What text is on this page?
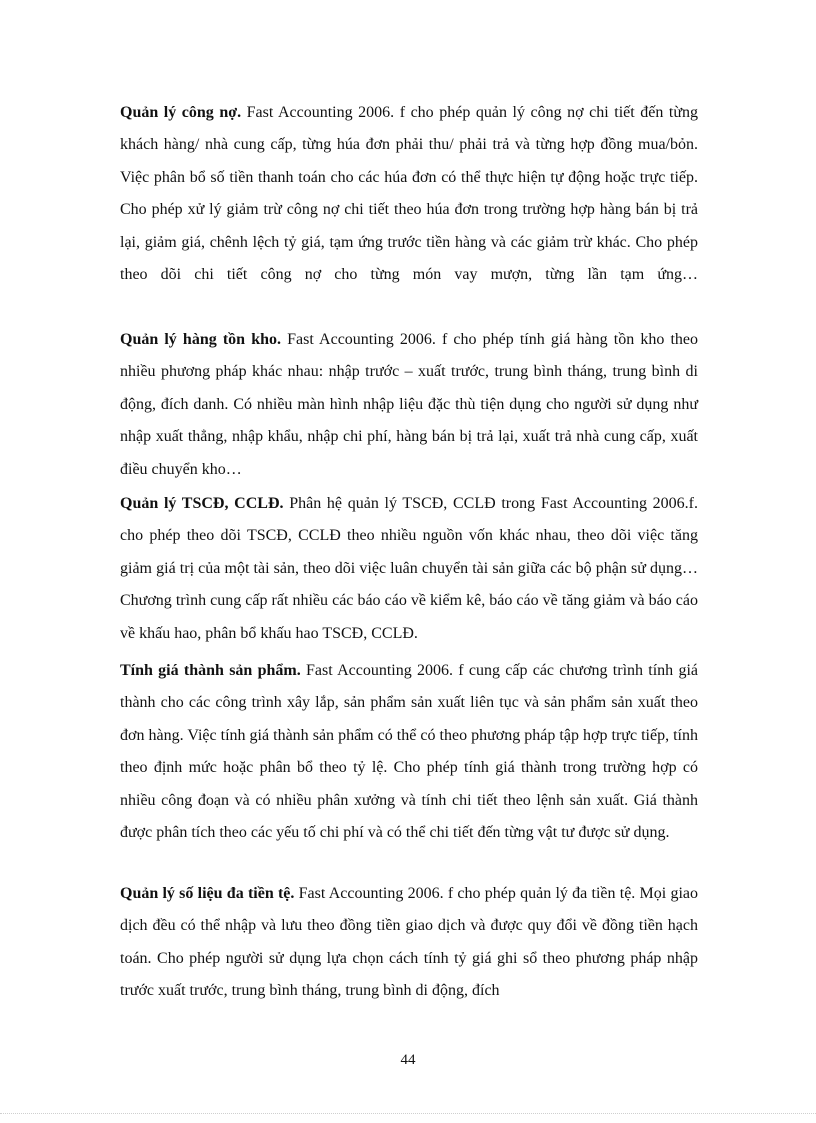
Quản lý công nợ. Fast Accounting 2006. f cho phép quản lý công nợ chi tiết đến từng khách hàng/ nhà cung cấp, từng húa đơn phải thu/ phải trả và từng hợp đồng mua/bỏn. Việc phân bổ số tiền thanh toán cho các húa đơn có thể thực hiện tự động hoặc trực tiếp. Cho phép xử lý giảm trừ công nợ chi tiết theo húa đơn trong trường hợp hàng bán bị trả lại, giảm giá, chênh lệch tỷ giá, tạm ứng trước tiền hàng và các giảm trừ khác. Cho phép theo dõi chi tiết công nợ cho từng món vay mượn, từng lần tạm ứng…

Quản lý hàng tồn kho. Fast Accounting 2006. f cho phép tính giá hàng tồn kho theo nhiều phương pháp khác nhau: nhập trước – xuất trước, trung bình tháng, trung bình di động, đích danh. Có nhiều màn hình nhập liệu đặc thù tiện dụng cho người sử dụng như nhập xuất thẳng, nhập khẩu, nhập chi phí, hàng bán bị trả lại, xuất trả nhà cung cấp, xuất điều chuyển kho…

Quản lý TSCĐ, CCLĐ. Phân hệ quản lý TSCĐ, CCLĐ trong Fast Accounting 2006.f. cho phép theo dõi TSCĐ, CCLĐ theo nhiều nguồn vốn khác nhau, theo dõi việc tăng giảm giá trị của một tài sản, theo dõi việc luân chuyển tài sản giữa các bộ phận sử dụng… Chương trình cung cấp rất nhiều các báo cáo về kiểm kê, báo cáo về tăng giảm và báo cáo về khấu hao, phân bổ khấu hao TSCĐ, CCLĐ.

Tính giá thành sản phẩm. Fast Accounting 2006. f cung cấp các chương trình tính giá thành cho các công trình xây lắp, sản phẩm sản xuất liên tục và sản phẩm sản xuất theo đơn hàng. Việc tính giá thành sản phẩm có thể có theo phương pháp tập hợp trực tiếp, tính theo định mức hoặc phân bổ theo tỷ lệ. Cho phép tính giá thành trong trường hợp có nhiều công đoạn và có nhiều phân xưởng và tính chi tiết theo lệnh sản xuất. Giá thành được phân tích theo các yếu tố chi phí và có thể chi tiết đến từng vật tư được sử dụng.

Quản lý số liệu đa tiền tệ. Fast Accounting 2006. f cho phép quản lý đa tiền tệ. Mọi giao dịch đều có thể nhập và lưu theo đồng tiền giao dịch và được quy đổi về đồng tiền hạch toán. Cho phép người sử dụng lựa chọn cách tính tỷ giá ghi sổ theo phương pháp nhập trước xuất trước, trung bình tháng, trung bình di động, đích

44
